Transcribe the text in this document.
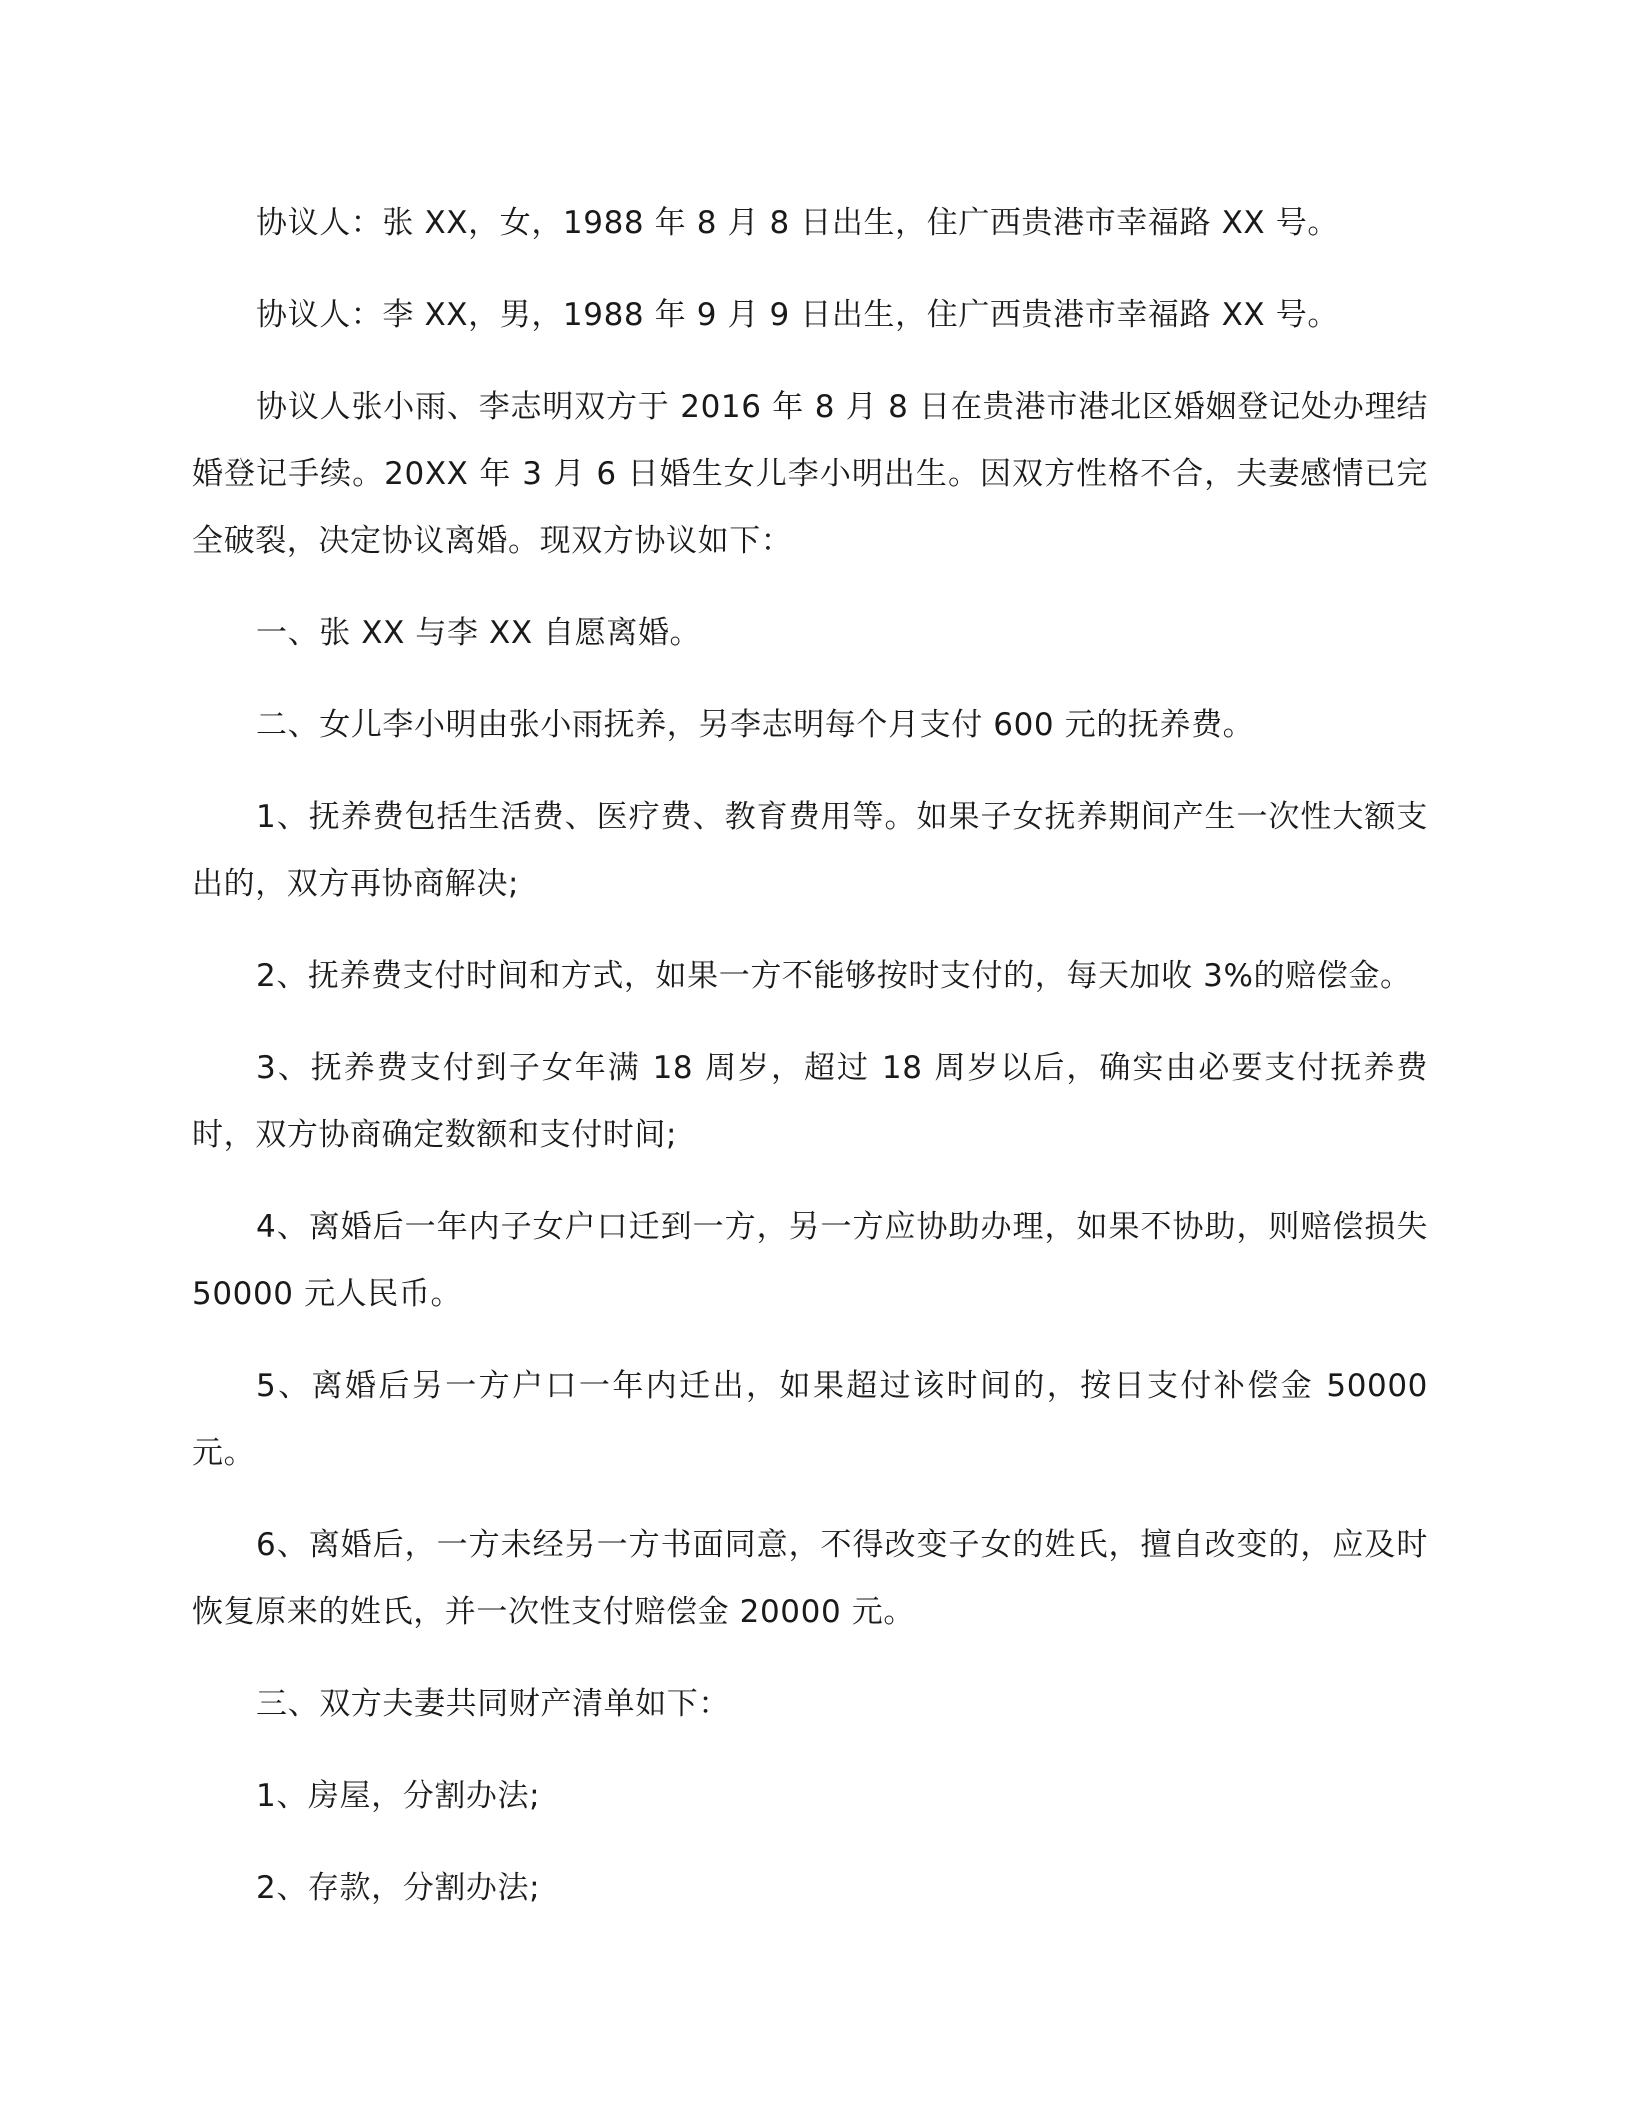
协议人：张 XX，女，1988 年 8 月 8 日出生，住广西贵港市幸福路 XX 号。

协议人：李 XX，男，1988 年 9 月 9 日出生，住广西贵港市幸福路 XX 号。

协议人张小雨、李志明双方于 2016 年 8 月 8 日在贵港市港北区婚姻登记处办理结婚登记手续。20XX 年 3 月 6 日婚生女儿李小明出生。因双方性格不合，夫妻感情已完全破裂，决定协议离婚。现双方协议如下：

一、张 XX 与李 XX 自愿离婚。

二、女儿李小明由张小雨抚养，另李志明每个月支付 600 元的抚养费。

1、抚养费包括生活费、医疗费、教育费用等。如果子女抚养期间产生一次性大额支出的，双方再协商解决;

2、抚养费支付时间和方式，如果一方不能够按时支付的，每天加收 3%的赔偿金。

3、抚养费支付到子女年满 18 周岁，超过 18 周岁以后，确实由必要支付抚养费时，双方协商确定数额和支付时间;

4、离婚后一年内子女户口迁到一方，另一方应协助办理，如果不协助，则赔偿损失50000 元人民币。

5、离婚后另一方户口一年内迁出，如果超过该时间的，按日支付补偿金 50000 元。

6、离婚后，一方未经另一方书面同意，不得改变子女的姓氏，擅自改变的，应及时恢复原来的姓氏，并一次性支付赔偿金 20000 元。

三、双方夫妻共同财产清单如下：

1、房屋，分割办法;

2、存款，分割办法;
